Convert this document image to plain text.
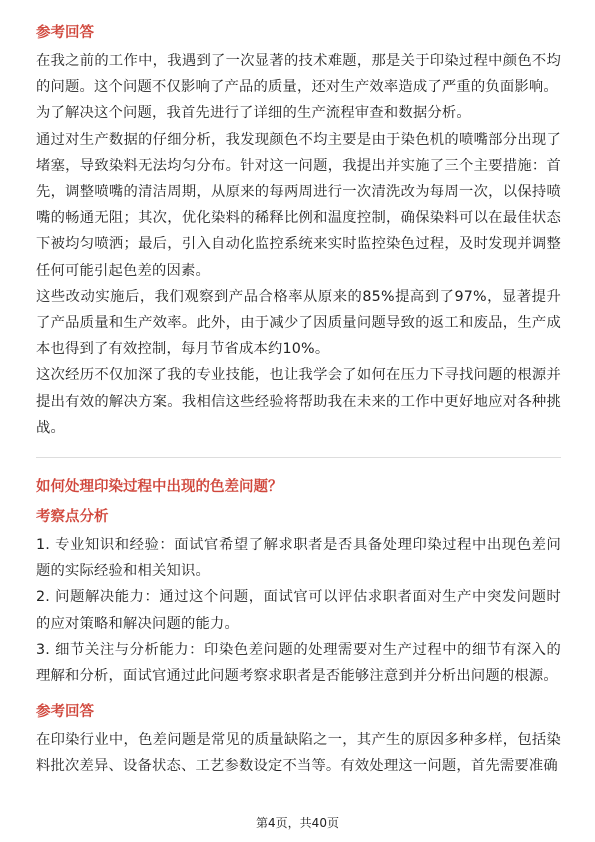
参考回答

在我之前的工作中，我遇到了一次显著的技术难题，那是关于印染过程中颜色不均的问题。这个问题不仅影响了产品的质量，还对生产效率造成了严重的负面影响。

为了解决这个问题，我首先进行了详细的生产流程审查和数据分析。

通过对生产数据的仔细分析，我发现颜色不均主要是由于染色机的喷嘴部分出现了堵塞，导致染料无法均匀分布。针对这一问题，我提出并实施了三个主要措施：首先，调整喷嘴的清洁周期，从原来的每两周进行一次清洗改为每周一次，以保持喷嘴的畅通无阻；其次，优化染料的稀释比例和温度控制，确保染料可以在最佳状态下被均匀喷洒；最后，引入自动化监控系统来实时监控染色过程，及时发现并调整任何可能引起色差的因素。

这些改动实施后，我们观察到产品合格率从原来的85%提高到了97%，显著提升了产品质量和生产效率。此外，由于减少了因质量问题导致的返工和废品，生产成本也得到了有效控制，每月节省成本约10%。

这次经历不仅加深了我的专业技能，也让我学会了如何在压力下寻找问题的根源并提出有效的解决方案。我相信这些经验将帮助我在未来的工作中更好地应对各种挑战。

如何处理印染过程中出现的色差问题？
考察点分析

1. 专业知识和经验：面试官希望了解求职者是否具备处理印染过程中出现色差问题的实际经验和相关知识。

2. 问题解决能力：通过这个问题，面试官可以评估求职者面对生产中突发问题时的应对策略和解决问题的能力。

3. 细节关注与分析能力：印染色差问题的处理需要对生产过程中的细节有深入的理解和分析，面试官通过此问题考察求职者是否能够注意到并分析出问题的根源。

参考回答

在印染行业中，色差问题是常见的质量缺陷之一，其产生的原因多种多样，包括染料批次差异、设备状态、工艺参数设定不当等。有效处理这一问题，首先需要准确

第4页，共40页
